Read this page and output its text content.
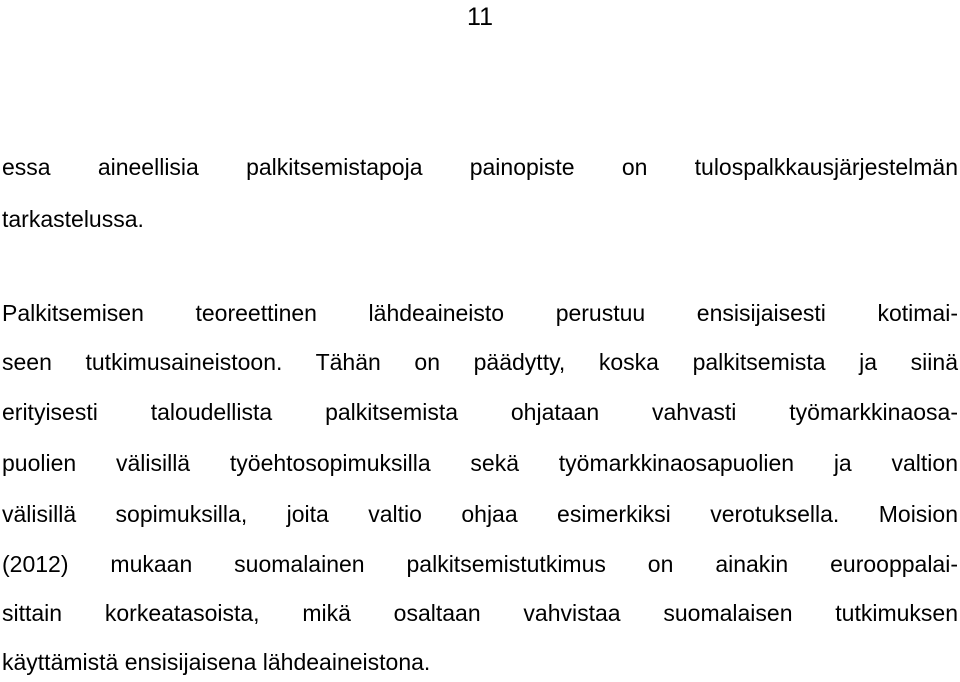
11
essa aineellisia palkitsemistapoja painopiste on tulospalkkausjärjestelmän
tarkastelussa.
Palkitsemisen teoreettinen lähdeaineisto perustuu ensisijaisesti kotimai-
seen tutkimusaineistoon. Tähän on päädytty, koska palkitsemista ja siinä
erityisesti taloudellista palkitsemista ohjataan vahvasti työmarkkinaosa-
puolien välisillä työehtosopimuksilla sekä työmarkkinaosapuolien ja valtion
välisillä sopimuksilla, joita valtio ohjaa esimerkiksi verotuksella. Moision
(2012) mukaan suomalainen palkitsemistutkimus on ainakin eurooppalai-
sittain korkeatasoista, mikä osaltaan vahvistaa suomalaisen tutkimuksen
käyttämistä ensisijaisena lähdeaineistona.
